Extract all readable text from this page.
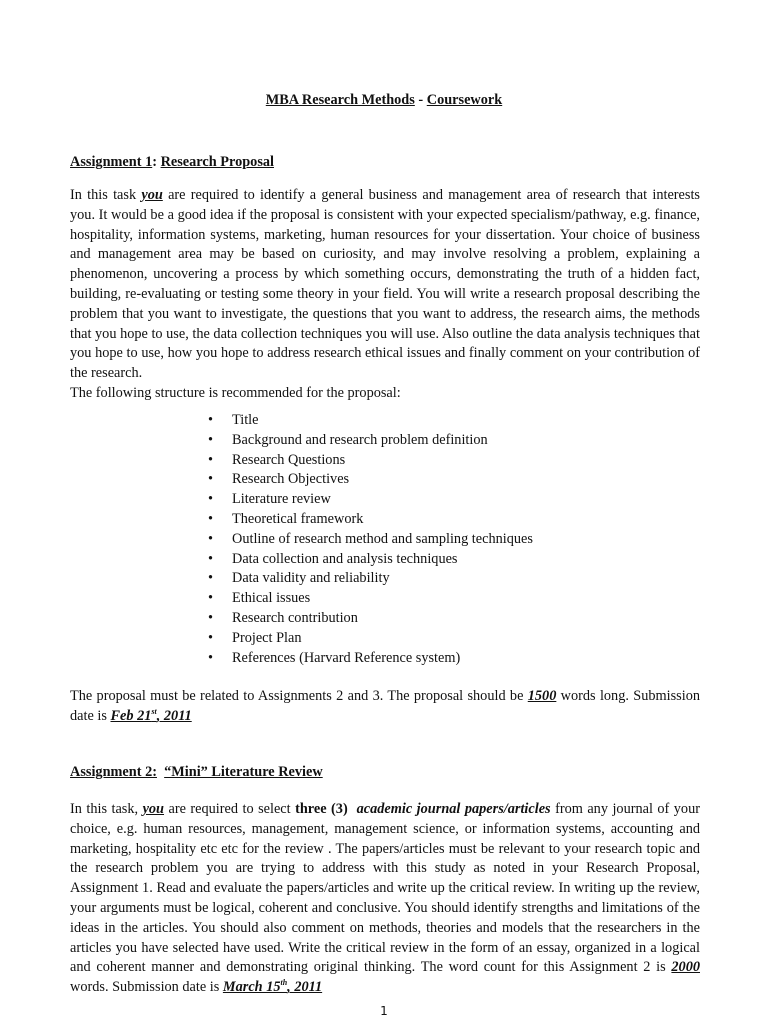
MBA Research Methods - Coursework
Assignment 1: Research Proposal
In this task you are required to identify a general business and management area of research that interests you. It would be a good idea if the proposal is consistent with your expected specialism/pathway, e.g. finance, hospitality, information systems, marketing, human resources for your dissertation. Your choice of business and management area may be based on curiosity, and may involve resolving a problem, explaining a phenomenon, uncovering a process by which something occurs, demonstrating the truth of a hidden fact, building, re-evaluating or testing some theory in your field. You will write a research proposal describing the problem that you want to investigate, the questions that you want to address, the research aims, the methods that you hope to use, the data collection techniques you will use. Also outline the data analysis techniques that you hope to use, how you hope to address research ethical issues and finally comment on your contribution of the research.
The following structure is recommended for the proposal:
• Title
• Background and research problem definition
• Research Questions
• Research Objectives
• Literature review
• Theoretical framework
• Outline of research method and sampling techniques
• Data collection and analysis techniques
• Data validity and reliability
• Ethical issues
• Research contribution
• Project Plan
• References (Harvard Reference system)
The proposal must be related to Assignments 2 and 3. The proposal should be 1500 words long. Submission date is Feb 21st, 2011
Assignment 2: “Mini” Literature Review
In this task, you are required to select three (3) academic journal papers/articles from any journal of your choice, e.g. human resources, management, management science, or information systems, accounting and marketing, hospitality etc etc for the review . The papers/articles must be relevant to your research topic and the research problem you are trying to address with this study as noted in your Research Proposal, Assignment 1. Read and evaluate the papers/articles and write up the critical review. In writing up the review, your arguments must be logical, coherent and conclusive. You should identify strengths and limitations of the ideas in the articles. You should also comment on methods, theories and models that the researchers in the articles you have selected have used. Write the critical review in the form of an essay, organized in a logical and coherent manner and demonstrating original thinking. The word count for this Assignment 2 is 2000 words. Submission date is March 15th, 2011
1
